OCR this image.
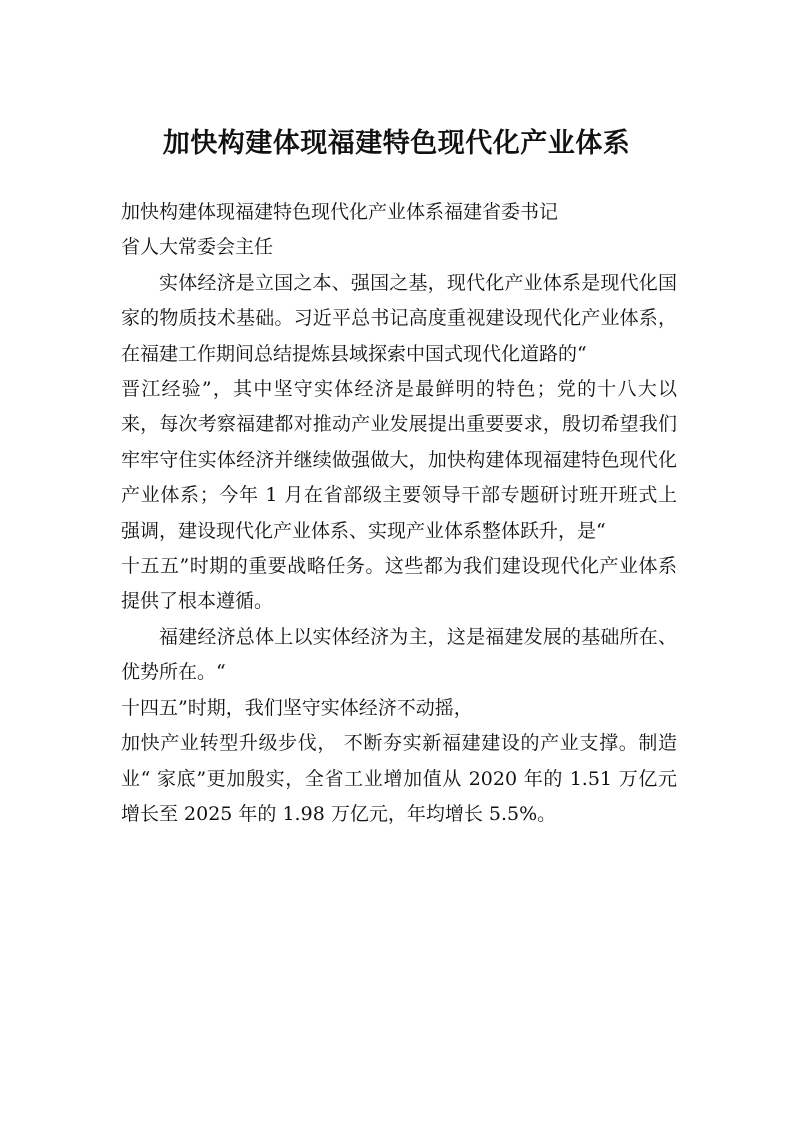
加快构建体现福建特色现代化产业体系

加快构建体现福建特色现代化产业体系福建省委书记

省人大常委会主任

实体经济是立国之本、强国之基，现代化产业体系是现代化国家的物质技术基础。习近平总书记高度重视建设现代化产业体系，在福建工作期间总结提炼县域探索中国式现代化道路的“

晋江经验”，其中坚守实体经济是最鲜明的特色；党的十八大以来，每次考察福建都对推动产业发展提出重要要求，殷切希望我们牢牢守住实体经济并继续做强做大，加快构建体现福建特色现代化产业体系；今年 1 月在省部级主要领导干部专题研讨班开班式上强调，建设现代化产业体系、实现产业体系整体跃升，是“

十五五”时期的重要战略任务。这些都为我们建设现代化产业体系提供了根本遵循。

福建经济总体上以实体经济为主，这是福建发展的基础所在、优势所在。“

十四五”时期，我们坚守实体经济不动摇，

加快产业转型升级步伐， 不断夯实新福建建设的产业支撑。制造业“ 家底”更加殷实，全省工业增加值从 2020 年的 1.51 万亿元增长至 2025 年的 1.98 万亿元，年均增长 5.5%。
